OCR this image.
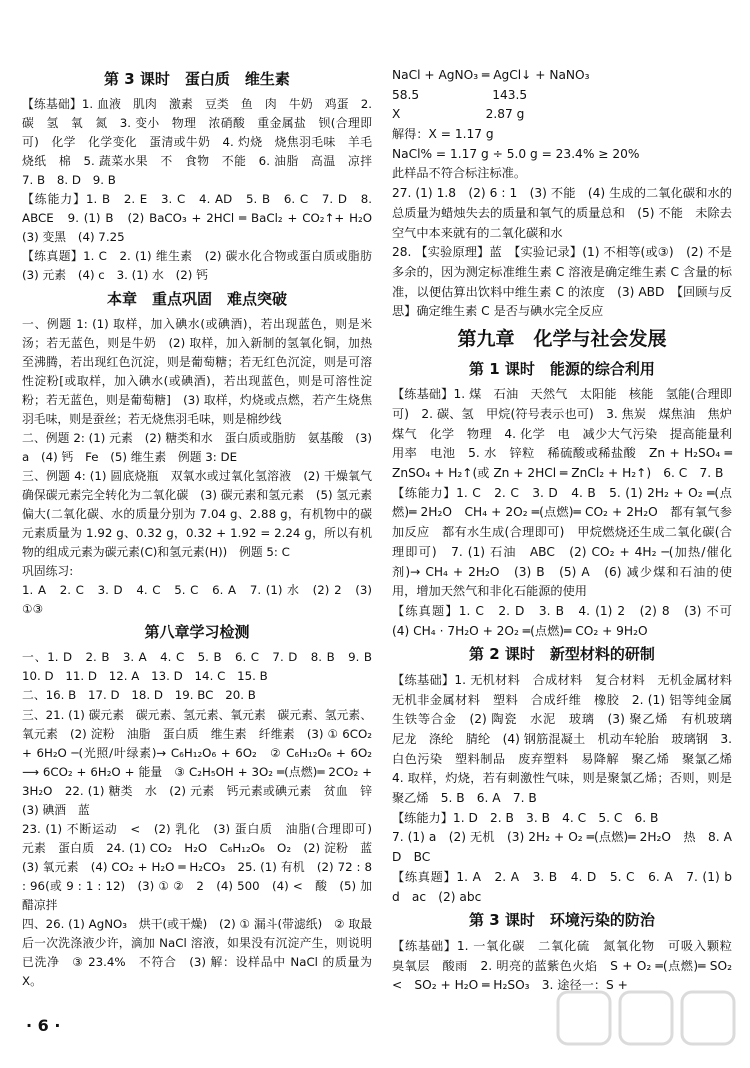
第 3 课时　蛋白质　维生素
【练基础】1. 血液　肌肉　激素　豆类　鱼　肉　牛奶　鸡蛋　2. 碳　氢　氧　氮　3. 变小　物理　浓硝酸　重金属盐　钡(合理即可)　化学　化学变化　蛋清或牛奶　4. 灼烧　烧焦羽毛味　羊毛　烧纸　棉　5. 蔬菜水果　不　食物　不能　6. 油脂　高温　凉拌　7. B　8. D　9. B
【练能力】1. B　2. E　3. C　4. AD　5. B　6. C　7. D　8. ABCE　9. (1) B　(2) BaCO₃ + 2HCl ═ BaCl₂ + CO₂↑+ H₂O　(3) 变黑　(4) 7.25
【练真题】1. C　2. (1) 维生素　(2) 碳水化合物或蛋白质或脂肪　(3) 元素　(4) c　3. (1) 水　(2) 钙
本章　重点巩固　难点突破
一、例题 1: (1) 取样，加入碘水(或碘酒)，若出现蓝色，则是米汤；若无蓝色，则是牛奶　(2) 取样，加入新制的氢氧化铜，加热至沸腾，若出现红色沉淀，则是葡萄糖；若无红色沉淀，则是可溶性淀粉[或取样，加入碘水(或碘酒)，若出现蓝色，则是可溶性淀粉；若无蓝色，则是葡萄糖]　(3) 取样，灼烧或点燃，若产生烧焦羽毛味，则是蚕丝；若无烧焦羽毛味，则是棉纱线
二、例题 2: (1) 元素　(2) 糖类和水　蛋白质或脂肪　氨基酸　(3) a　(4) 钙　Fe　(5) 维生素　例题 3: DE
三、例题 4: (1) 圆底烧瓶　双氧水或过氧化氢溶液　(2) 干燥氧气　确保碳元素完全转化为二氧化碳　(3) 碳元素和氢元素　(5) 氢元素　偏大(二氧化碳、水的质量分别为 7.04 g、2.88 g，有机物中的碳元素质量为 1.92 g、0.32 g，0.32 + 1.92 = 2.24 g，所以有机物的组成元素为碳元素(C)和氢元素(H))　例题 5: C
巩固练习:
1. A　2. C　3. D　4. C　5. C　6. A　7. (1) 水　(2) 2　(3) ①③
第八章学习检测
一、1. D　2. B　3. A　4. C　5. B　6. C　7. D　8. B　9. B　10. D　11. D　12. A　13. D　14. C　15. B
二、16. B　17. D　18. D　19. BC　20. B
三、21. (1) 碳元素　碳元素、氢元素、氧元素　碳元素、氢元素、氧元素　(2) 淀粉　油脂　蛋白质　维生素　纤维素　(3) ① 6CO₂ + 6H₂O ─(光照/叶绿素)→ C₆H₁₂O₆ + 6O₂　② C₆H₁₂O₆ + 6O₂ ⟶ 6CO₂ + 6H₂O + 能量　③ C₂H₅OH + 3O₂ ═(点燃)═ 2CO₂ + 3H₂O　22. (1) 糖类　水　(2) 元素　钙元素或碘元素　贫血　锌　(3) 碘酒　蓝
23. (1) 不断运动　<　(2) 乳化　(3) 蛋白质　油脂(合理即可)　元素　蛋白质　24. (1) CO₂　H₂O　C₆H₁₂O₆　O₂　(2) 淀粉　蓝　(3) 氧元素　(4) CO₂ + H₂O ═ H₂CO₃　25. (1) 有机　(2) 72 : 8 : 96(或 9 : 1 : 12)　(3) ① ②　2　(4) 500　(4) <　酸　(5) 加醋凉拌
四、26. (1) AgNO₃　烘干(或干燥)　(2) ① 漏斗(带滤纸)　② 取最后一次洗涤液少许，滴加 NaCl 溶液，如果没有沉淀产生，则说明已洗净　③ 23.4%　不符合　(3) 解：设样品中 NaCl 的质量为 X。
NaCl + AgNO₃ ═ AgCl↓ + NaNO₃
58.5　　　　　　143.5
X　　　　　　　2.87 g
解得：X = 1.17 g
NaCl% = 1.17 g ÷ 5.0 g = 23.4% ≥ 20%
此样品不符合标注标准。
27. (1) 1.8　(2) 6 : 1　(3) 不能　(4) 生成的二氧化碳和水的总质量为蜡烛失去的质量和氧气的质量总和　(5) 不能　未除去空气中本来就有的二氧化碳和水
28. 【实验原理】蓝　【实验记录】(1) 不相等(或③)　(2) 不是多余的，因为测定标准维生素 C 溶液是确定维生素 C 含量的标准，以便估算出饮料中维生素 C 的浓度　(3) ABD　【回顾与反思】确定维生素 C 是否与碘水完全反应
第九章　化学与社会发展
第 1 课时　能源的综合利用
【练基础】1. 煤　石油　天然气　太阳能　核能　氢能(合理即可)　2. 碳、氢　甲烷(符号表示也可)　3. 焦炭　煤焦油　焦炉煤气　化学　物理　4. 化学　电　减少大气污染　提高能量利用率　电池　5. 水　锌粒　稀硫酸或稀盐酸　Zn + H₂SO₄ ═ ZnSO₄ + H₂↑(或 Zn + 2HCl ═ ZnCl₂ + H₂↑)　6. C　7. B
【练能力】1. C　2. C　3. D　4. B　5. (1) 2H₂ + O₂ ═(点燃)═ 2H₂O　CH₄ + 2O₂ ═(点燃)═ CO₂ + 2H₂O　都有氧气参加反应　都有水生成(合理即可)　甲烷燃烧还生成二氧化碳(合理即可)　7. (1) 石油　ABC　(2) CO₂ + 4H₂ ─(加热/催化剂)→ CH₄ + 2H₂O　(3) B　(5) A　(6) 减少煤和石油的使用，增加天然气和非化石能源的使用
【练真题】1. C　2. D　3. B　4. (1) 2　(2) 8　(3) 不可　(4) CH₄ · 7H₂O + 2O₂ ═(点燃)═ CO₂ + 9H₂O
第 2 课时　新型材料的研制
【练基础】1. 无机材料　合成材料　复合材料　无机金属材料　无机非金属材料　塑料　合成纤维　橡胶　2. (1) 铝等纯金属　生铁等合金　(2) 陶瓷　水泥　玻璃　(3) 聚乙烯　有机玻璃　尼龙　涤纶　腈纶　(4) 钢筋混凝土　机动车轮胎　玻璃钢　3. 白色污染　塑料制品　废弃塑料　易降解　聚乙烯　聚氯乙烯　4. 取样，灼烧，若有刺激性气味，则是聚氯乙烯；否则，则是聚乙烯　5. B　6. A　7. B
【练能力】1. D　2. B　3. B　4. C　5. C　6. B
7. (1) a　(2) 无机　(3) 2H₂ + O₂ ═(点燃)═ 2H₂O　热　8. A　D　BC
【练真题】1. A　2. A　3. B　4. D　5. C　6. A　7. (1) b　d　ac　(2) abc
第 3 课时　环境污染的防治
【练基础】1. 一氧化碳　二氧化硫　氮氧化物　可吸入颗粒　臭氧层　酸雨　2. 明亮的蓝紫色火焰　S + O₂ ═(点燃)═ SO₂　<　SO₂ + H₂O ═ H₂SO₃　3. 途径一：S +
· 6 ·
